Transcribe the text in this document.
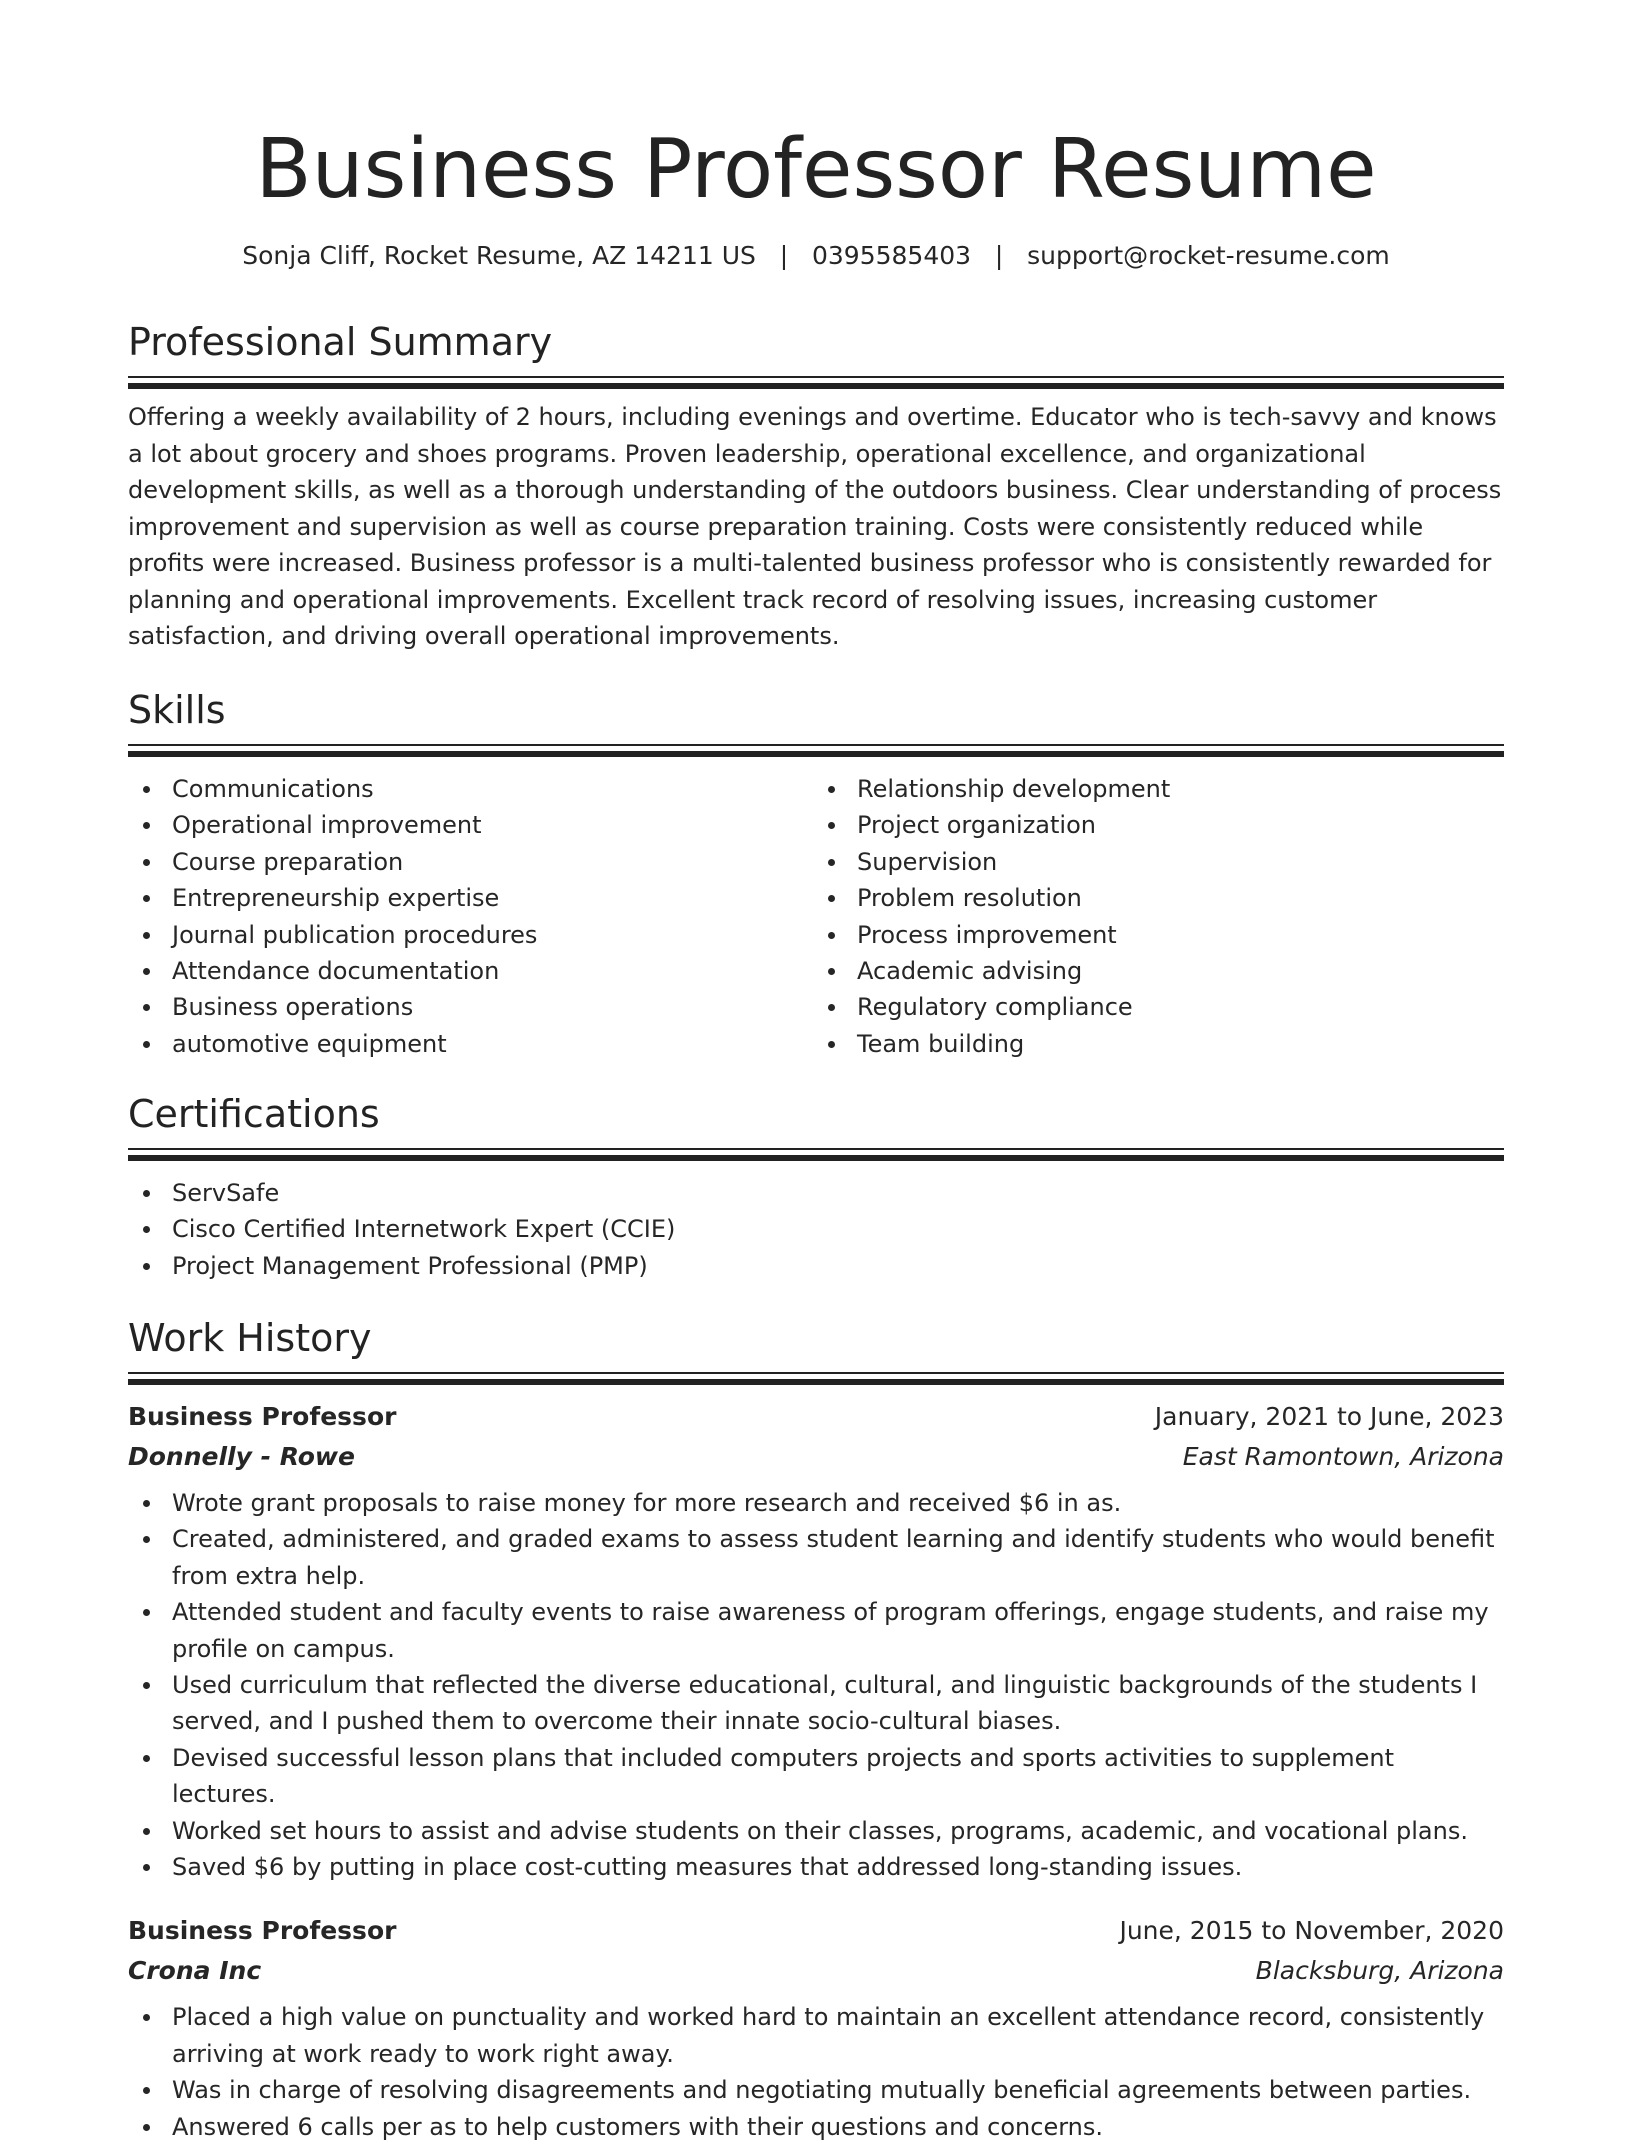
Business Professor Resume
Sonja Cliff, Rocket Resume, AZ 14211 US   |   0395585403   |   support@rocket-resume.com
Professional Summary

Offering a weekly availability of 2 hours, including evenings and overtime. Educator who is tech-savvy and knows a lot about grocery and shoes programs. Proven leadership, operational excellence, and organizational development skills, as well as a thorough understanding of the outdoors business. Clear understanding of process improvement and supervision as well as course preparation training. Costs were consistently reduced while profits were increased. Business professor is a multi-talented business professor who is consistently rewarded for planning and operational improvements. Excellent track record of resolving issues, increasing customer satisfaction, and driving overall operational improvements.

Skills
Communications
Operational improvement
Course preparation
Entrepreneurship expertise
Journal publication procedures
Attendance documentation
Business operations
automotive equipment
Relationship development
Project organization
Supervision
Problem resolution
Process improvement
Academic advising
Regulatory compliance
Team building
Certifications
ServSafe
Cisco Certified Internetwork Expert (CCIE)
Project Management Professional (PMP)
Work History
Business Professor	January, 2021 to June, 2023
Donnelly - Rowe	East Ramontown, Arizona
Wrote grant proposals to raise money for more research and received $6 in as.
Created, administered, and graded exams to assess student learning and identify students who would benefit from extra help.
Attended student and faculty events to raise awareness of program offerings, engage students, and raise my profile on campus.
Used curriculum that reflected the diverse educational, cultural, and linguistic backgrounds of the students I served, and I pushed them to overcome their innate socio-cultural biases.
Devised successful lesson plans that included computers projects and sports activities to supplement lectures.
Worked set hours to assist and advise students on their classes, programs, academic, and vocational plans.
Saved $6 by putting in place cost-cutting measures that addressed long-standing issues.
Business Professor	June, 2015 to November, 2020
Crona Inc	Blacksburg, Arizona
Placed a high value on punctuality and worked hard to maintain an excellent attendance record, consistently arriving at work ready to work right away.
Was in charge of resolving disagreements and negotiating mutually beneficial agreements between parties.
Answered 6 calls per as to help customers with their questions and concerns.
